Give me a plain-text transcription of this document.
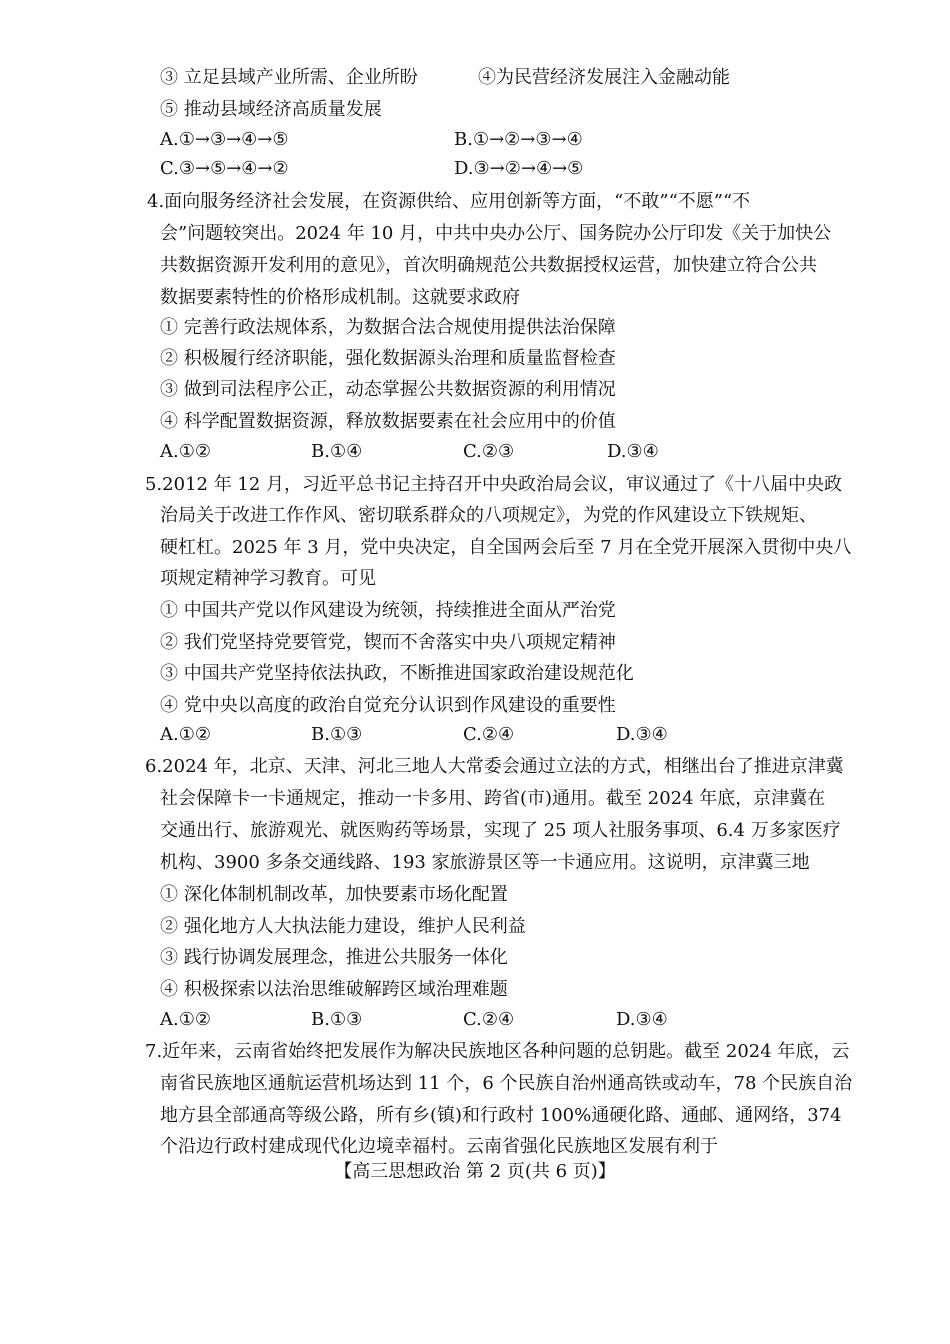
③ 立足县域产业所需、企业所盼	④为民营经济发展注入金融动能
⑤ 推动县域经济高质量发展
A.①→③→④→⑤	B.①→②→③→④
C.③→⑤→④→②	D.③→②→④→⑤
4.面向服务经济社会发展，在资源供给、应用创新等方面，“不敢”“不愿”“不
会”问题较突出。2024 年 10 月，中共中央办公厅、国务院办公厅印发《关于加快公
共数据资源开发利用的意见》，首次明确规范公共数据授权运营，加快建立符合公共
数据要素特性的价格形成机制。这就要求政府
① 完善行政法规体系，为数据合法合规使用提供法治保障
② 积极履行经济职能，强化数据源头治理和质量监督检查
③ 做到司法程序公正，动态掌握公共数据资源的利用情况
④ 科学配置数据资源，释放数据要素在社会应用中的价值
A.①②	B.①④	C.②③	D.③④
5.2012 年 12 月，习近平总书记主持召开中央政治局会议，审议通过了《十八届中央政
治局关于改进工作作风、密切联系群众的八项规定》，为党的作风建设立下铁规矩、
硬杠杠。2025 年 3 月，党中央决定，自全国两会后至 7 月在全党开展深入贯彻中央八
项规定精神学习教育。可见
① 中国共产党以作风建设为统领，持续推进全面从严治党
② 我们党坚持党要管党，锲而不舍落实中央八项规定精神
③ 中国共产党坚持依法执政，不断推进国家政治建设规范化
④ 党中央以高度的政治自觉充分认识到作风建设的重要性
A.①②	B.①③	C.②④	D.③④
6.2024 年，北京、天津、河北三地人大常委会通过立法的方式，相继出台了推进京津冀
社会保障卡一卡通规定，推动一卡多用、跨省(市)通用。截至 2024 年底，京津冀在
交通出行、旅游观光、就医购药等场景，实现了 25 项人社服务事项、6.4 万多家医疗
机构、3900 多条交通线路、193 家旅游景区等一卡通应用。这说明，京津冀三地
① 深化体制机制改革，加快要素市场化配置
② 强化地方人大执法能力建设，维护人民利益
③ 践行协调发展理念，推进公共服务一体化
④ 积极探索以法治思维破解跨区域治理难题
A.①②	B.①③	C.②④	D.③④
7.近年来，云南省始终把发展作为解决民族地区各种问题的总钥匙。截至 2024 年底，云
南省民族地区通航运营机场达到 11 个，6 个民族自治州通高铁或动车，78 个民族自治
地方县全部通高等级公路，所有乡(镇)和行政村 100%通硬化路、通邮、通网络，374
个沿边行政村建成现代化边境幸福村。云南省强化民族地区发展有利于
【高三思想政治 第 2 页(共 6 页)】
